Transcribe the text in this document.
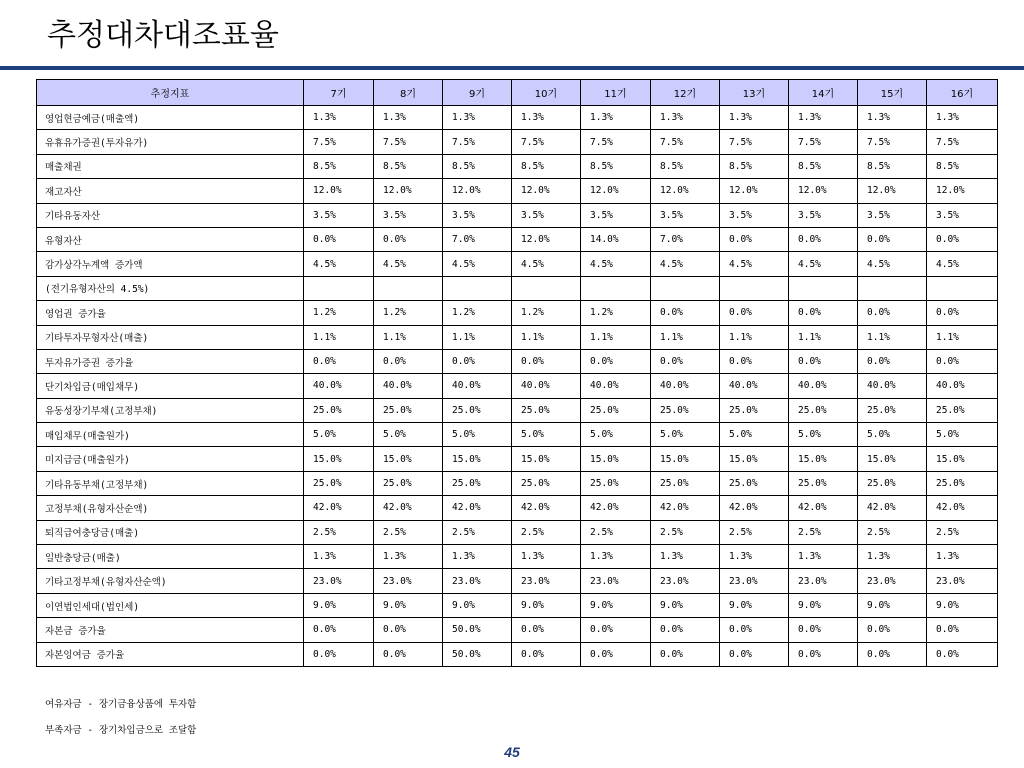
추정대차대조표율
추정지표	7기	8기	9기	10기	11기	12기	13기	14기	15기	16기
영업현금예금(매출액)	1.3%	1.3%	1.3%	1.3%	1.3%	1.3%	1.3%	1.3%	1.3%	1.3%
유휴유가증권(투자유가)	7.5%	7.5%	7.5%	7.5%	7.5%	7.5%	7.5%	7.5%	7.5%	7.5%
매출채권	8.5%	8.5%	8.5%	8.5%	8.5%	8.5%	8.5%	8.5%	8.5%	8.5%
재고자산	12.0%	12.0%	12.0%	12.0%	12.0%	12.0%	12.0%	12.0%	12.0%	12.0%
기타유동자산	3.5%	3.5%	3.5%	3.5%	3.5%	3.5%	3.5%	3.5%	3.5%	3.5%
유형자산	0.0%	0.0%	7.0%	12.0%	14.0%	7.0%	0.0%	0.0%	0.0%	0.0%
감가상각누계액 증가액	4.5%	4.5%	4.5%	4.5%	4.5%	4.5%	4.5%	4.5%	4.5%	4.5%
(전기유형자산의 4.5%)										
영업권 증가율	1.2%	1.2%	1.2%	1.2%	1.2%	0.0%	0.0%	0.0%	0.0%	0.0%
기타투자무형자산(매출)	1.1%	1.1%	1.1%	1.1%	1.1%	1.1%	1.1%	1.1%	1.1%	1.1%
투자유가증권 증가율	0.0%	0.0%	0.0%	0.0%	0.0%	0.0%	0.0%	0.0%	0.0%	0.0%
단기차입금(매입채무)	40.0%	40.0%	40.0%	40.0%	40.0%	40.0%	40.0%	40.0%	40.0%	40.0%
유동성장기부채(고정부채)	25.0%	25.0%	25.0%	25.0%	25.0%	25.0%	25.0%	25.0%	25.0%	25.0%
매입채무(매출원가)	5.0%	5.0%	5.0%	5.0%	5.0%	5.0%	5.0%	5.0%	5.0%	5.0%
미지급금(매출원가)	15.0%	15.0%	15.0%	15.0%	15.0%	15.0%	15.0%	15.0%	15.0%	15.0%
기타유동부채(고정부채)	25.0%	25.0%	25.0%	25.0%	25.0%	25.0%	25.0%	25.0%	25.0%	25.0%
고정부채(유형자산순액)	42.0%	42.0%	42.0%	42.0%	42.0%	42.0%	42.0%	42.0%	42.0%	42.0%
퇴직급여충당금(매출)	2.5%	2.5%	2.5%	2.5%	2.5%	2.5%	2.5%	2.5%	2.5%	2.5%
일반충당금(매출)	1.3%	1.3%	1.3%	1.3%	1.3%	1.3%	1.3%	1.3%	1.3%	1.3%
기타고정부채(유형자산순액)	23.0%	23.0%	23.0%	23.0%	23.0%	23.0%	23.0%	23.0%	23.0%	23.0%
이연법인세대(법인세)	9.0%	9.0%	9.0%	9.0%	9.0%	9.0%	9.0%	9.0%	9.0%	9.0%
자본금 증가율	0.0%	0.0%	50.0%	0.0%	0.0%	0.0%	0.0%	0.0%	0.0%	0.0%
자본잉여금 증가율	0.0%	0.0%	50.0%	0.0%	0.0%	0.0%	0.0%	0.0%	0.0%	0.0%
여유자금 - 장기금융상품에 투자함
부족자금 - 장기차입금으로 조달함
45
